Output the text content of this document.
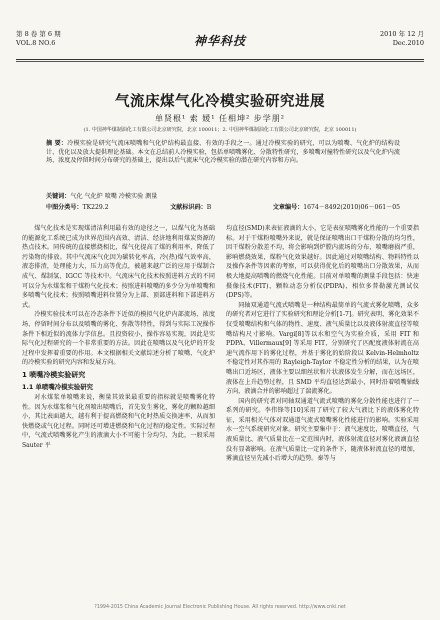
第 8 卷 第 6 期
VOL.8 NO.6	神华科技	2010 年 12 月
Dec.2010
气流床煤气化冷模实验研究进展
单贤根¹ 索 媛¹ 任相坤² 步学朋²
(1. 中国神华煤制油化工有限公司北京研究院，北京 100011；2. 中国神华煤制油化工有限公司北京研究院，北京 100011)
摘 要：冷模实验是研究气流床喷嘴和气化炉结构最直接、有效的手段之一。通过冷模实验的研究，可以为喷嘴、气化炉的结构设计、优化以及放大提供理论基础。本文在总结前人冷模实验，包括单喷嘴雾化、分散特性研究，多喷嘴对撞特性研究以及气化炉内流场、浓度及停留时间分布研究的基础上，提出以后气流床气化冷模实验的潜在研究内容和方向。
关键词：气化 气化炉 喷嘴 冷模实验 测量
中图分类号：TK229.2	文献标识码：B	文章编号：1674－8492(2010)06－061－05

煤气化技术是实现煤清洁利用最有效的途径之一，以煤气化为基础的能源化工系统已成为世界范围内高效、清洁、经济地利用煤炭资源的热点技术。同传统的直接燃烧相比，煤气化提高了煤的利用率，降低了污染物的排放。其中气流床气化因为碳转化率高，冷(热)煤气效率高，液态排渣，处理能力大，压力高等优点，被越来越广泛的应用于煤制合成气、煤制氢、IGCC 等技术中。气流床气化技术按照进料方式的不同可以分为水煤浆和干煤粉气化技术；按照进料喷嘴的多少分为单喷嘴和多喷嘴气化技术；按照喷嘴进料位置分为上部、顶部进料和下部进料方式。

冷模实验技术可以在冷态条件下近似的模拟气化炉内部流场、浓度场、停留时间分布以及喷嘴的雾化、弥散等特性，得到与实际工况操作条件下相近似的流体力学信息。且投资较小，操作容易实现，因此是实际气化过程研究的一个非常重要的方法。因此在喷嘴以及气化炉的开发过程中发挥着重要的作用。本文根据相关文献综述分析了喷嘴、气化炉的冷模实验的研究内容和发展方向。

1 喷嘴冷模实验研究
1.1 单喷嘴冷模实验研究

对水煤浆单喷嘴来说，衡量其效果最重要的指标就是喷嘴雾化特性。因为水煤浆和气化剂喷出喷嘴后，首先发生雾化，雾化的颗粒越细小，其比表面越大，越有利于提高燃烧和气化时热质交换速率，从而加快燃烧或气化过程。同时还可增进燃烧和气化过程的稳定性。实际过程中，气流式喷嘴雾化产生的液滴大小不可能十分均匀，为此，一般采用 Sauter 平

均直径(SMD)来表征液滴的大小，它是表征喷嘴雾化性能的一个重要指标。对于干煤粉喷嘴外来说，就是保证喷嘴出口干煤粉分散的均匀性，因干煤粉分散差不均，将会影响到炉膛内流场的分布，喷嘴磨损严重，影响燃烧效果，煤粉气化效果越好。因此通过对喷嘴结构、物料特性以及操作条件等因素的考察，可以获得优化后的喷嘴出口分散效果，从而极大地提高喷嘴的燃烧气化性能。目前对单喷嘴的测量手段包括：快速摄像技术(FIT)、颗粒动态分析仪(PDPA)、相位多普勒激光测试仪(DPS)等。

同轴双通道气流式喷嘴是一种结构最简单的气流式雾化喷嘴，众多的研究者对它进行了实验研究和理论分析[1-7]。研究表明，雾化效果不仅受喷嘴结构和气体的物性、速度、液气质量比以及液体射流直径等喷嘴结构尺寸影响。Vargi[8]等以水和空气为实验介质，采用 FIT 和 PDPA、Villermaux[9] 等采用 FIT，分别研究了匹配度液体射流在高速气流作用下的雾化过程，并基于雾化的始阶段以 Kelvin-Helmholtz 不稳定性对其作用的 Rayleigh-Taylor 不稳定性分析的结果，认为在喷嘴出口近场区，液体主要以细丝状和片状液体发生分解，而在远场区，液体在上升趋势过程，且 SMD 平均直径达到最小，同时沿着喷嘴轴线方向，液滴合并的影响超过了湍流雾化。

国内的研究者对同轴双通道气流式喷嘴的雾化分散性能也进行了一系列的研究。李伟锋等[10]采用了研究了较大气液比下的液体雾化特征，采用相关气体对双通道气流式喷嘴雾化性能进行的影响。实验采用水一空气系统研究对象。研究主要集中于：液气速度比，喷嘴直径，气液质量比、液气质量比在一定范围内时，液体射流直径对雾化液滴直径没有显著影响。在液气质量比一定的条件下，随液体射流直径的增加，雾滴直径呈先减小后增大的趋势。秦等与

?1994-2015 China Academic Journal Electronic Publishing House. All rights reserved. http://www.cnki.net
